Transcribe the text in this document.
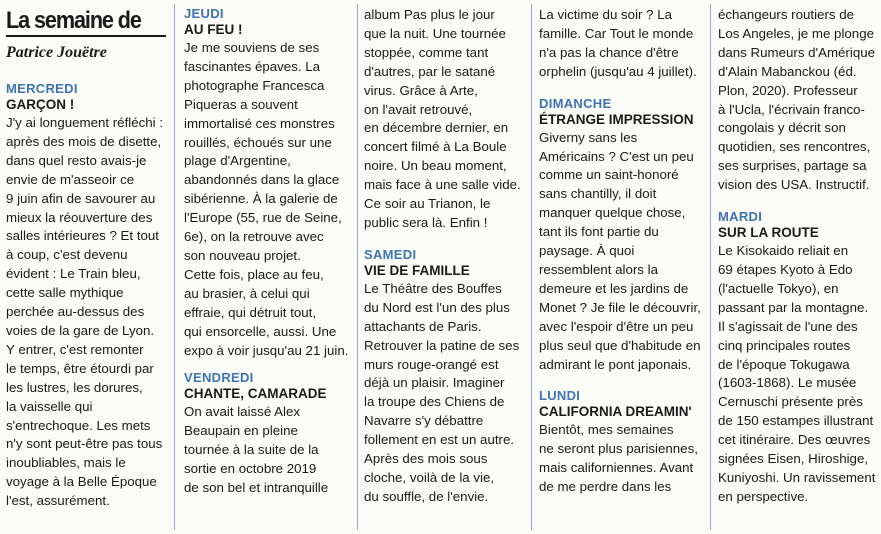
La semaine de
Patrice Jouëtre
MERCREDI
GARÇON !
J'y ai longuement réfléchi :
après des mois de disette,
dans quel resto avais-je
envie de m'asseoir ce
9 juin afin de savourer au
mieux la réouverture des
salles intérieures ? Et tout
à coup, c'est devenu
évident : Le Train bleu,
cette salle mythique
perchée au-dessus des
voies de la gare de Lyon.
Y entrer, c'est remonter
le temps, être étourdi par
les lustres, les dorures,
la vaisselle qui
s'entrechoque. Les mets
n'y sont peut-être pas tous
inoubliables, mais le
voyage à la Belle Époque
l'est, assurément.
JEUDI
AU FEU !
Je me souviens de ses
fascinantes épaves. La
photographe Francesca
Piqueras a souvent
immortalisé ces monstres
rouillés, échoués sur une
plage d'Argentine,
abandonnés dans la glace
sibérienne. À la galerie de
l'Europe (55, rue de Seine,
6e), on la retrouve avec
son nouveau projet.
Cette fois, place au feu,
au brasier, à celui qui
effraie, qui détruit tout,
qui ensorcelle, aussi. Une
expo à voir jusqu'au 21 juin.
VENDREDI
CHANTE, CAMARADE
On avait laissé Alex
Beaupain en pleine
tournée à la suite de la
sortie en octobre 2019
de son bel et intranquille
album Pas plus le jour
que la nuit. Une tournée
stoppée, comme tant
d'autres, par le satané
virus. Grâce à Arte,
on l'avait retrouvé,
en décembre dernier, en
concert filmé à La Boule
noire. Un beau moment,
mais face à une salle vide.
Ce soir au Trianon, le
public sera là. Enfin !
SAMEDI
VIE DE FAMILLE
Le Théâtre des Bouffes
du Nord est l'un des plus
attachants de Paris.
Retrouver la patine de ses
murs rouge-orangé est
déjà un plaisir. Imaginer
la troupe des Chiens de
Navarre s'y débattre
follement en est un autre.
Après des mois sous
cloche, voilà de la vie,
du souffle, de l'envie.
La victime du soir ? La
famille. Car Tout le monde
n'a pas la chance d'être
orphelin (jusqu'au 4 juillet).
DIMANCHE
ÉTRANGE IMPRESSION
Giverny sans les
Américains ? C'est un peu
comme un saint-honoré
sans chantilly, il doit
manquer quelque chose,
tant ils font partie du
paysage. À quoi
ressemblent alors la
demeure et les jardins de
Monet ? Je file le découvrir,
avec l'espoir d'être un peu
plus seul que d'habitude en
admirant le pont japonais.
LUNDI
CALIFORNIA DREAMIN'
Bientôt, mes semaines
ne seront plus parisiennes,
mais californiennes. Avant
de me perdre dans les
échangeurs routiers de
Los Angeles, je me plonge
dans Rumeurs d'Amérique
d'Alain Mabanckou (éd.
Plon, 2020). Professeur
à l'Ucla, l'écrivain franco-
congolais y décrit son
quotidien, ses rencontres,
ses surprises, partage sa
vision des USA. Instructif.
MARDI
SUR LA ROUTE
Le Kisokaido reliait en
69 étapes Kyoto à Edo
(l'actuelle Tokyo), en
passant par la montagne.
Il s'agissait de l'une des
cinq principales routes
de l'époque Tokugawa
(1603-1868). Le musée
Cernuschi présente près
de 150 estampes illustrant
cet itinéraire. Des œuvres
signées Eisen, Hiroshige,
Kuniyoshi. Un ravissement
en perspective.
